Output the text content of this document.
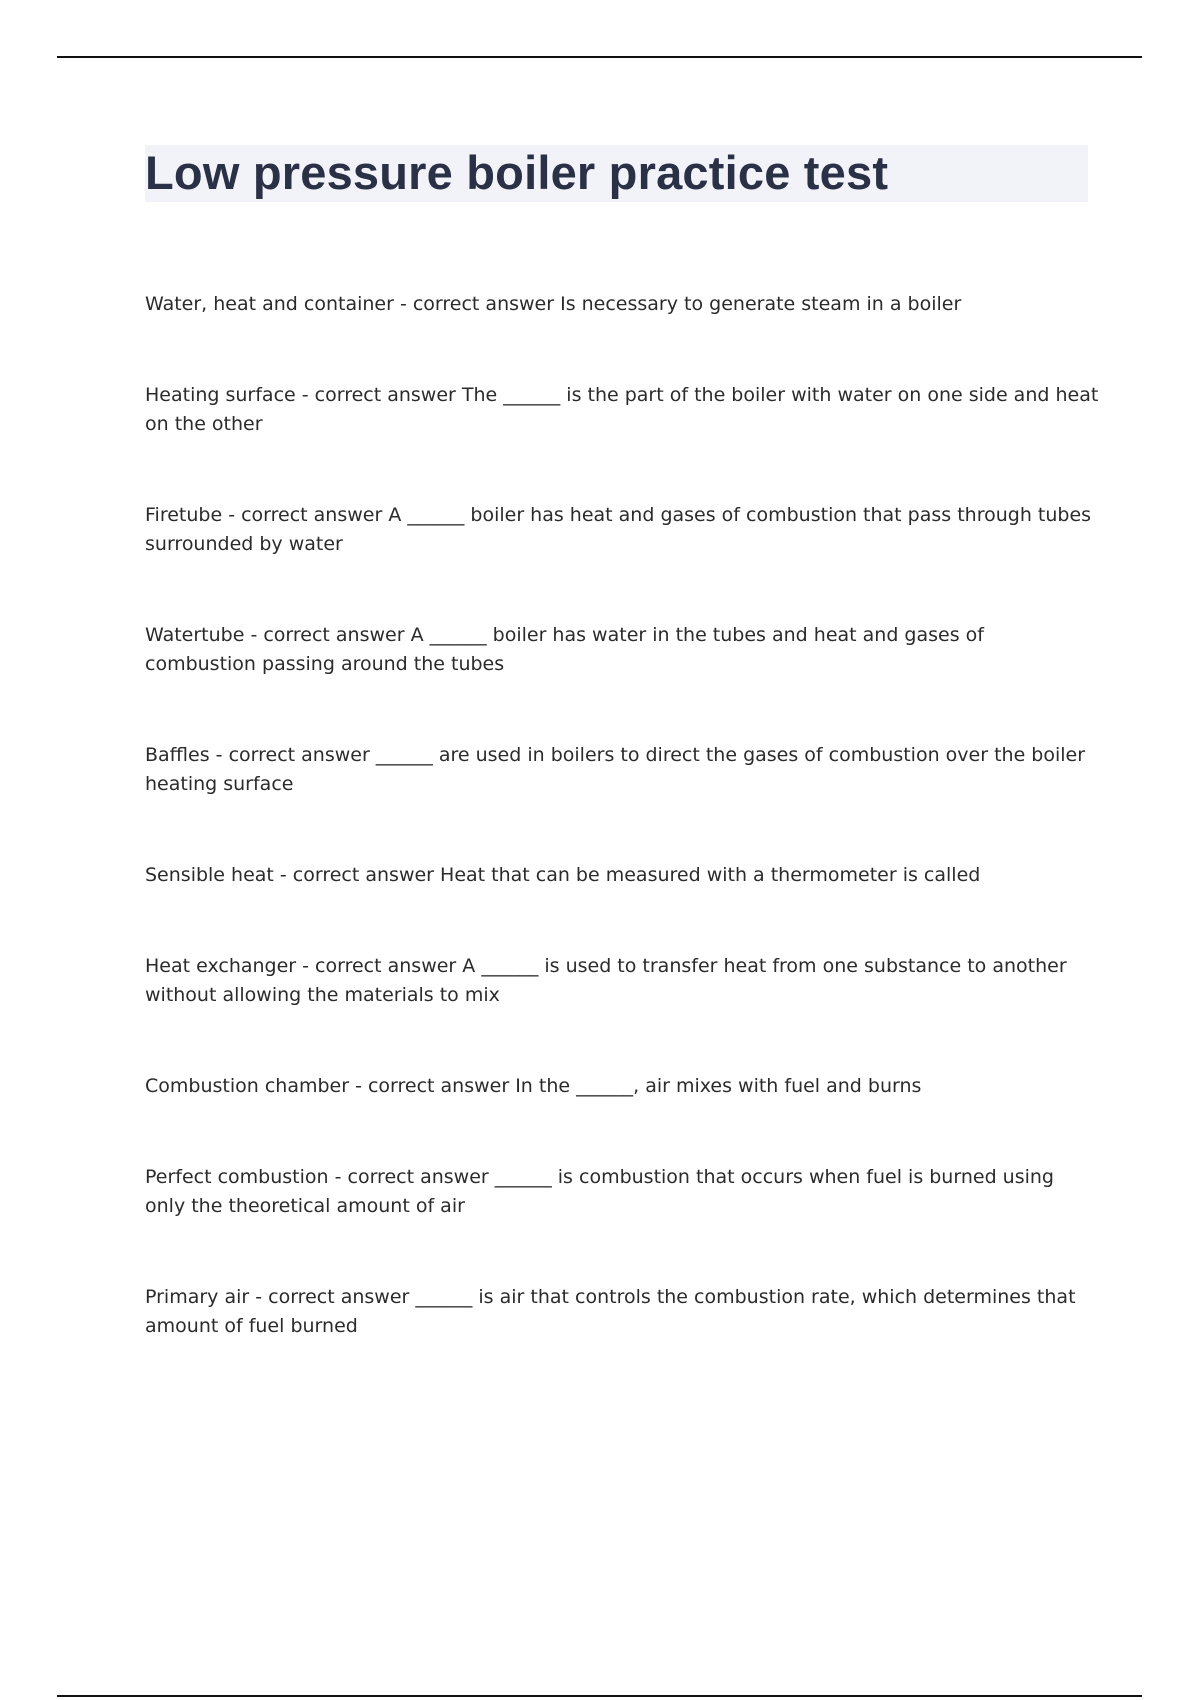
Low pressure boiler practice test
Water, heat and container - correct answer Is necessary to generate steam in a boiler
Heating surface - correct answer The ______ is the part of the boiler with water on one side and heat on the other
Firetube - correct answer A ______ boiler has heat and gases of combustion that pass through tubes surrounded by water
Watertube - correct answer A ______ boiler has water in the tubes and heat and gases of combustion passing around the tubes
Baffles - correct answer ______ are used in boilers to direct the gases of combustion over the boiler heating surface
Sensible heat - correct answer Heat that can be measured with a thermometer is called
Heat exchanger - correct answer A ______ is used to transfer heat from one substance to another without allowing the materials to mix
Combustion chamber - correct answer In the ______, air mixes with fuel and burns
Perfect combustion - correct answer ______ is combustion that occurs when fuel is burned using only the theoretical amount of air
Primary air - correct answer ______ is air that controls the combustion rate, which determines that amount of fuel burned
